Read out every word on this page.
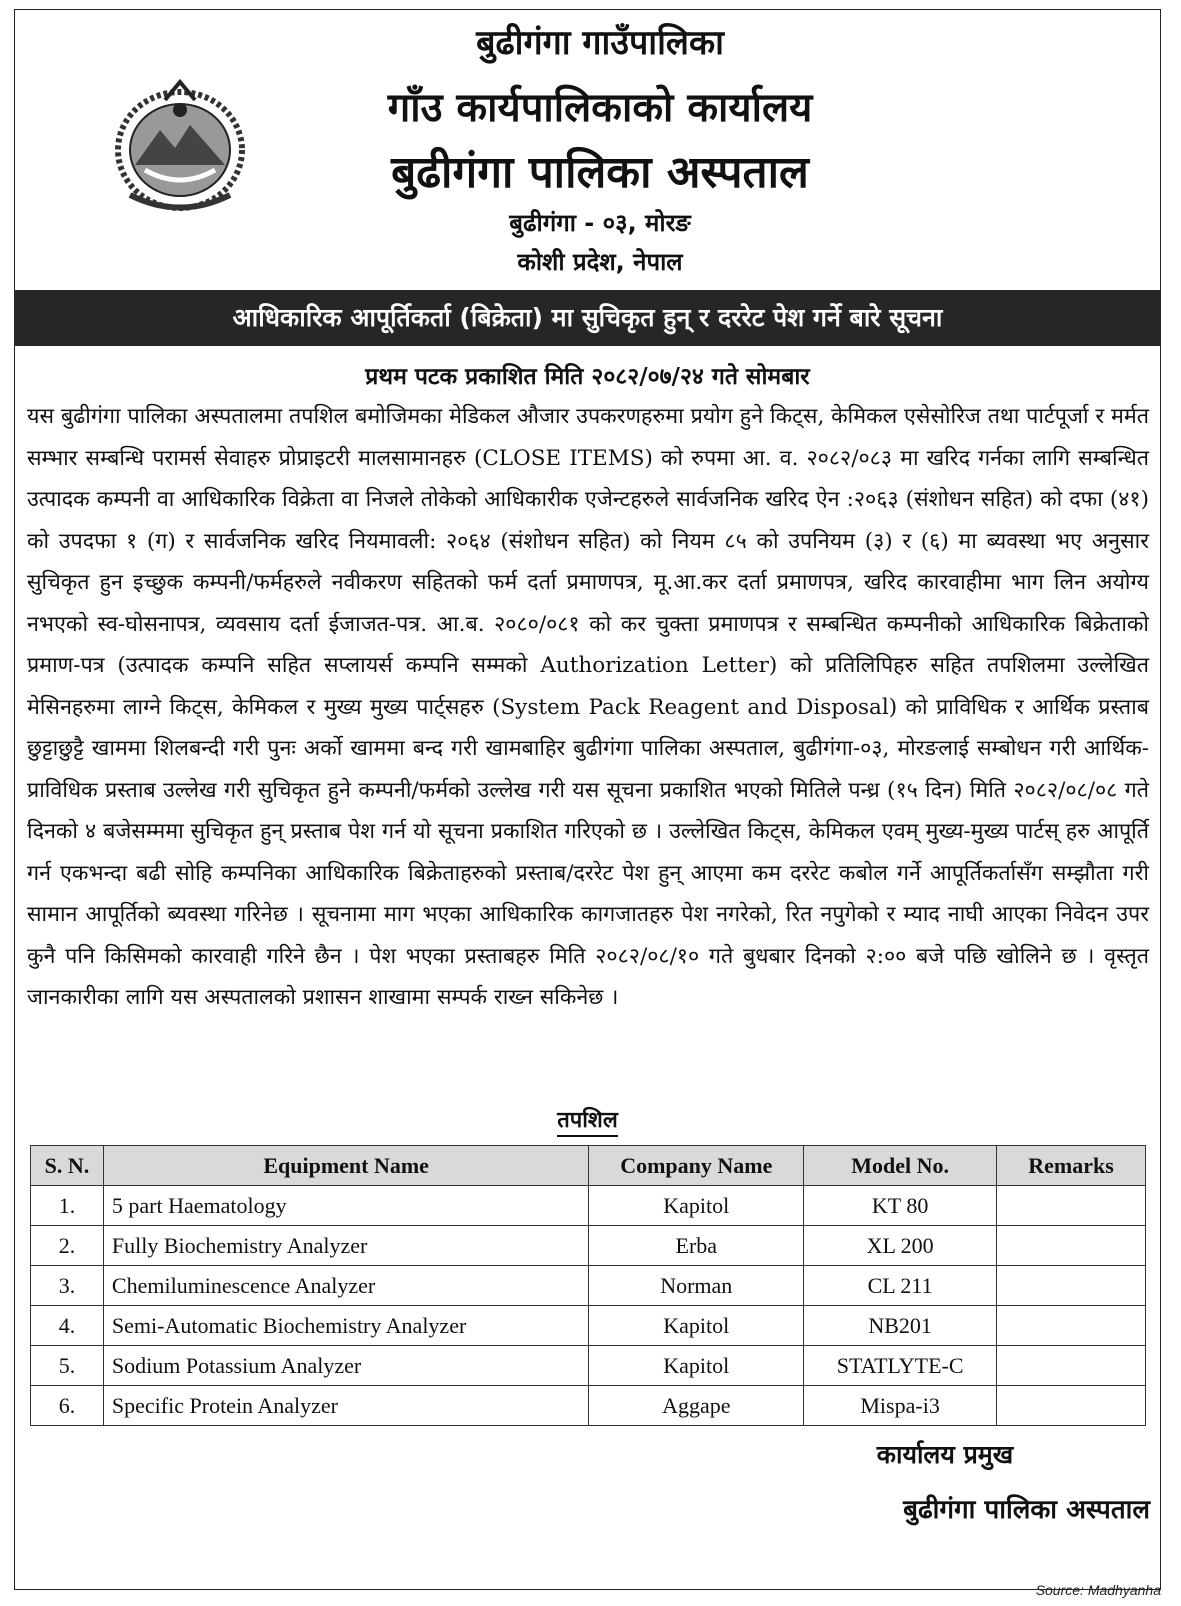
बुढीगंगा गाउँपालिका
गाँउ कार्यपालिकाको कार्यालय
बुढीगंगा पालिका अस्पताल
बुढीगंगा - ०३, मोरङ
कोशी प्रदेश, नेपाल
आधिकारिक आपूर्तिकर्ता (बिक्रेता) मा सुचिकृत हुन् र दररेट पेश गर्ने बारे सूचना
प्रथम पटक प्रकाशित मिति २०८२/०७/२४ गते सोमबार

यस बुढीगंगा पालिका अस्पतालमा तपशिल बमोजिमका मेडिकल औजार उपकरणहरुमा प्रयोग हुने किट्स, केमिकल एसेसोरिज तथा पार्टपूर्जा र मर्मत सम्भार सम्बन्धि परामर्स सेवाहरु प्रोप्राइटरी मालसामानहरु (CLOSE ITEMS) को रुपमा आ. व. २०८२/०८३ मा खरिद गर्नका लागि सम्बन्धित उत्पादक कम्पनी वा आधिकारिक विक्रेता वा निजले तोकेको आधिकारीक एजेन्टहरुले सार्वजनिक खरिद ऐन :२०६३ (संशोधन सहित) को दफा (४१) को उपदफा १ (ग) र सार्वजनिक खरिद नियमावली: २०६४ (संशोधन सहित) को नियम ८५ को उपनियम (३) र (६) मा ब्यवस्था भए अनुसार सुचिकृत हुन इच्छुक कम्पनी/फर्महरुले नवीकरण सहितको फर्म दर्ता प्रमाणपत्र, मू.आ.कर दर्ता प्रमाणपत्र, खरिद कारवाहीमा भाग लिन अयोग्य नभएको स्व-घोसनापत्र, व्यवसाय दर्ता ईजाजत-पत्र. आ.ब. २०८०/०८१ को कर चुक्ता प्रमाणपत्र र सम्बन्धित कम्पनीको आधिकारिक बिक्रेताको प्रमाण-पत्र (उत्पादक कम्पनि सहित सप्लायर्स कम्पनि सम्मको Authorization Letter) को प्रतिलिपिहरु सहित तपशिलमा उल्लेखित मेसिनहरुमा लाग्ने किट्स, केमिकल र मुख्य मुख्य पार्ट्सहरु (System Pack Reagent and Disposal) को प्राविधिक र आर्थिक प्रस्ताब छुट्टाछुट्टै खाममा शिलबन्दी गरी पुनः अर्को खाममा बन्द गरी खामबाहिर बुढीगंगा पालिका अस्पताल, बुढीगंगा-०३, मोरङलाई सम्बोधन गरी आर्थिक-प्राविधिक प्रस्ताब उल्लेख गरी सुचिकृत हुने कम्पनी/फर्मको उल्लेख गरी यस सूचना प्रकाशित भएको मितिले पन्ध्र (१५ दिन) मिति २०८२/०८/०८ गते दिनको ४ बजेसम्ममा सुचिकृत हुन् प्रस्ताब पेश गर्न यो सूचना प्रकाशित गरिएको छ । उल्लेखित किट्स, केमिकल एवम् मुख्य-मुख्य पार्टस् हरु आपूर्ति गर्न एकभन्दा बढी सोहि कम्पनिका आधिकारिक बिक्रेताहरुको प्रस्ताब/दररेट पेश हुन् आएमा कम दररेट कबोल गर्ने आपूर्तिकर्तासँग सम्झौता गरी सामान आपूर्तिको ब्यवस्था गरिनेछ । सूचनामा माग भएका आधिकारिक कागजातहरु पेश नगरेको, रित नपुगेको र म्याद नाघी आएका निवेदन उपर कुनै पनि किसिमको कारवाही गरिने छैन । पेश भएका प्रस्ताबहरु मिति २०८२/०८/१० गते बुधबार दिनको २:०० बजे पछि खोलिने छ । वृस्तृत जानकारीका लागि यस अस्पतालको प्रशासन शाखामा सम्पर्क राख्न सकिनेछ ।

तपशिल
S. N.	Equipment Name	Company Name	Model No.	Remarks
1.	5 part Haematology	Kapitol	KT 80	
2.	Fully Biochemistry Analyzer	Erba	XL 200	
3.	Chemiluminescence Analyzer	Norman	CL 211	
4.	Semi-Automatic Biochemistry Analyzer	Kapitol	NB201	
5.	Sodium Potassium Analyzer	Kapitol	STATLYTE-C	
6.	Specific Protein Analyzer	Aggape	Mispa-i3	
कार्यालय प्रमुख
बुढीगंगा पालिका अस्पताल
Source: Madhyanha
